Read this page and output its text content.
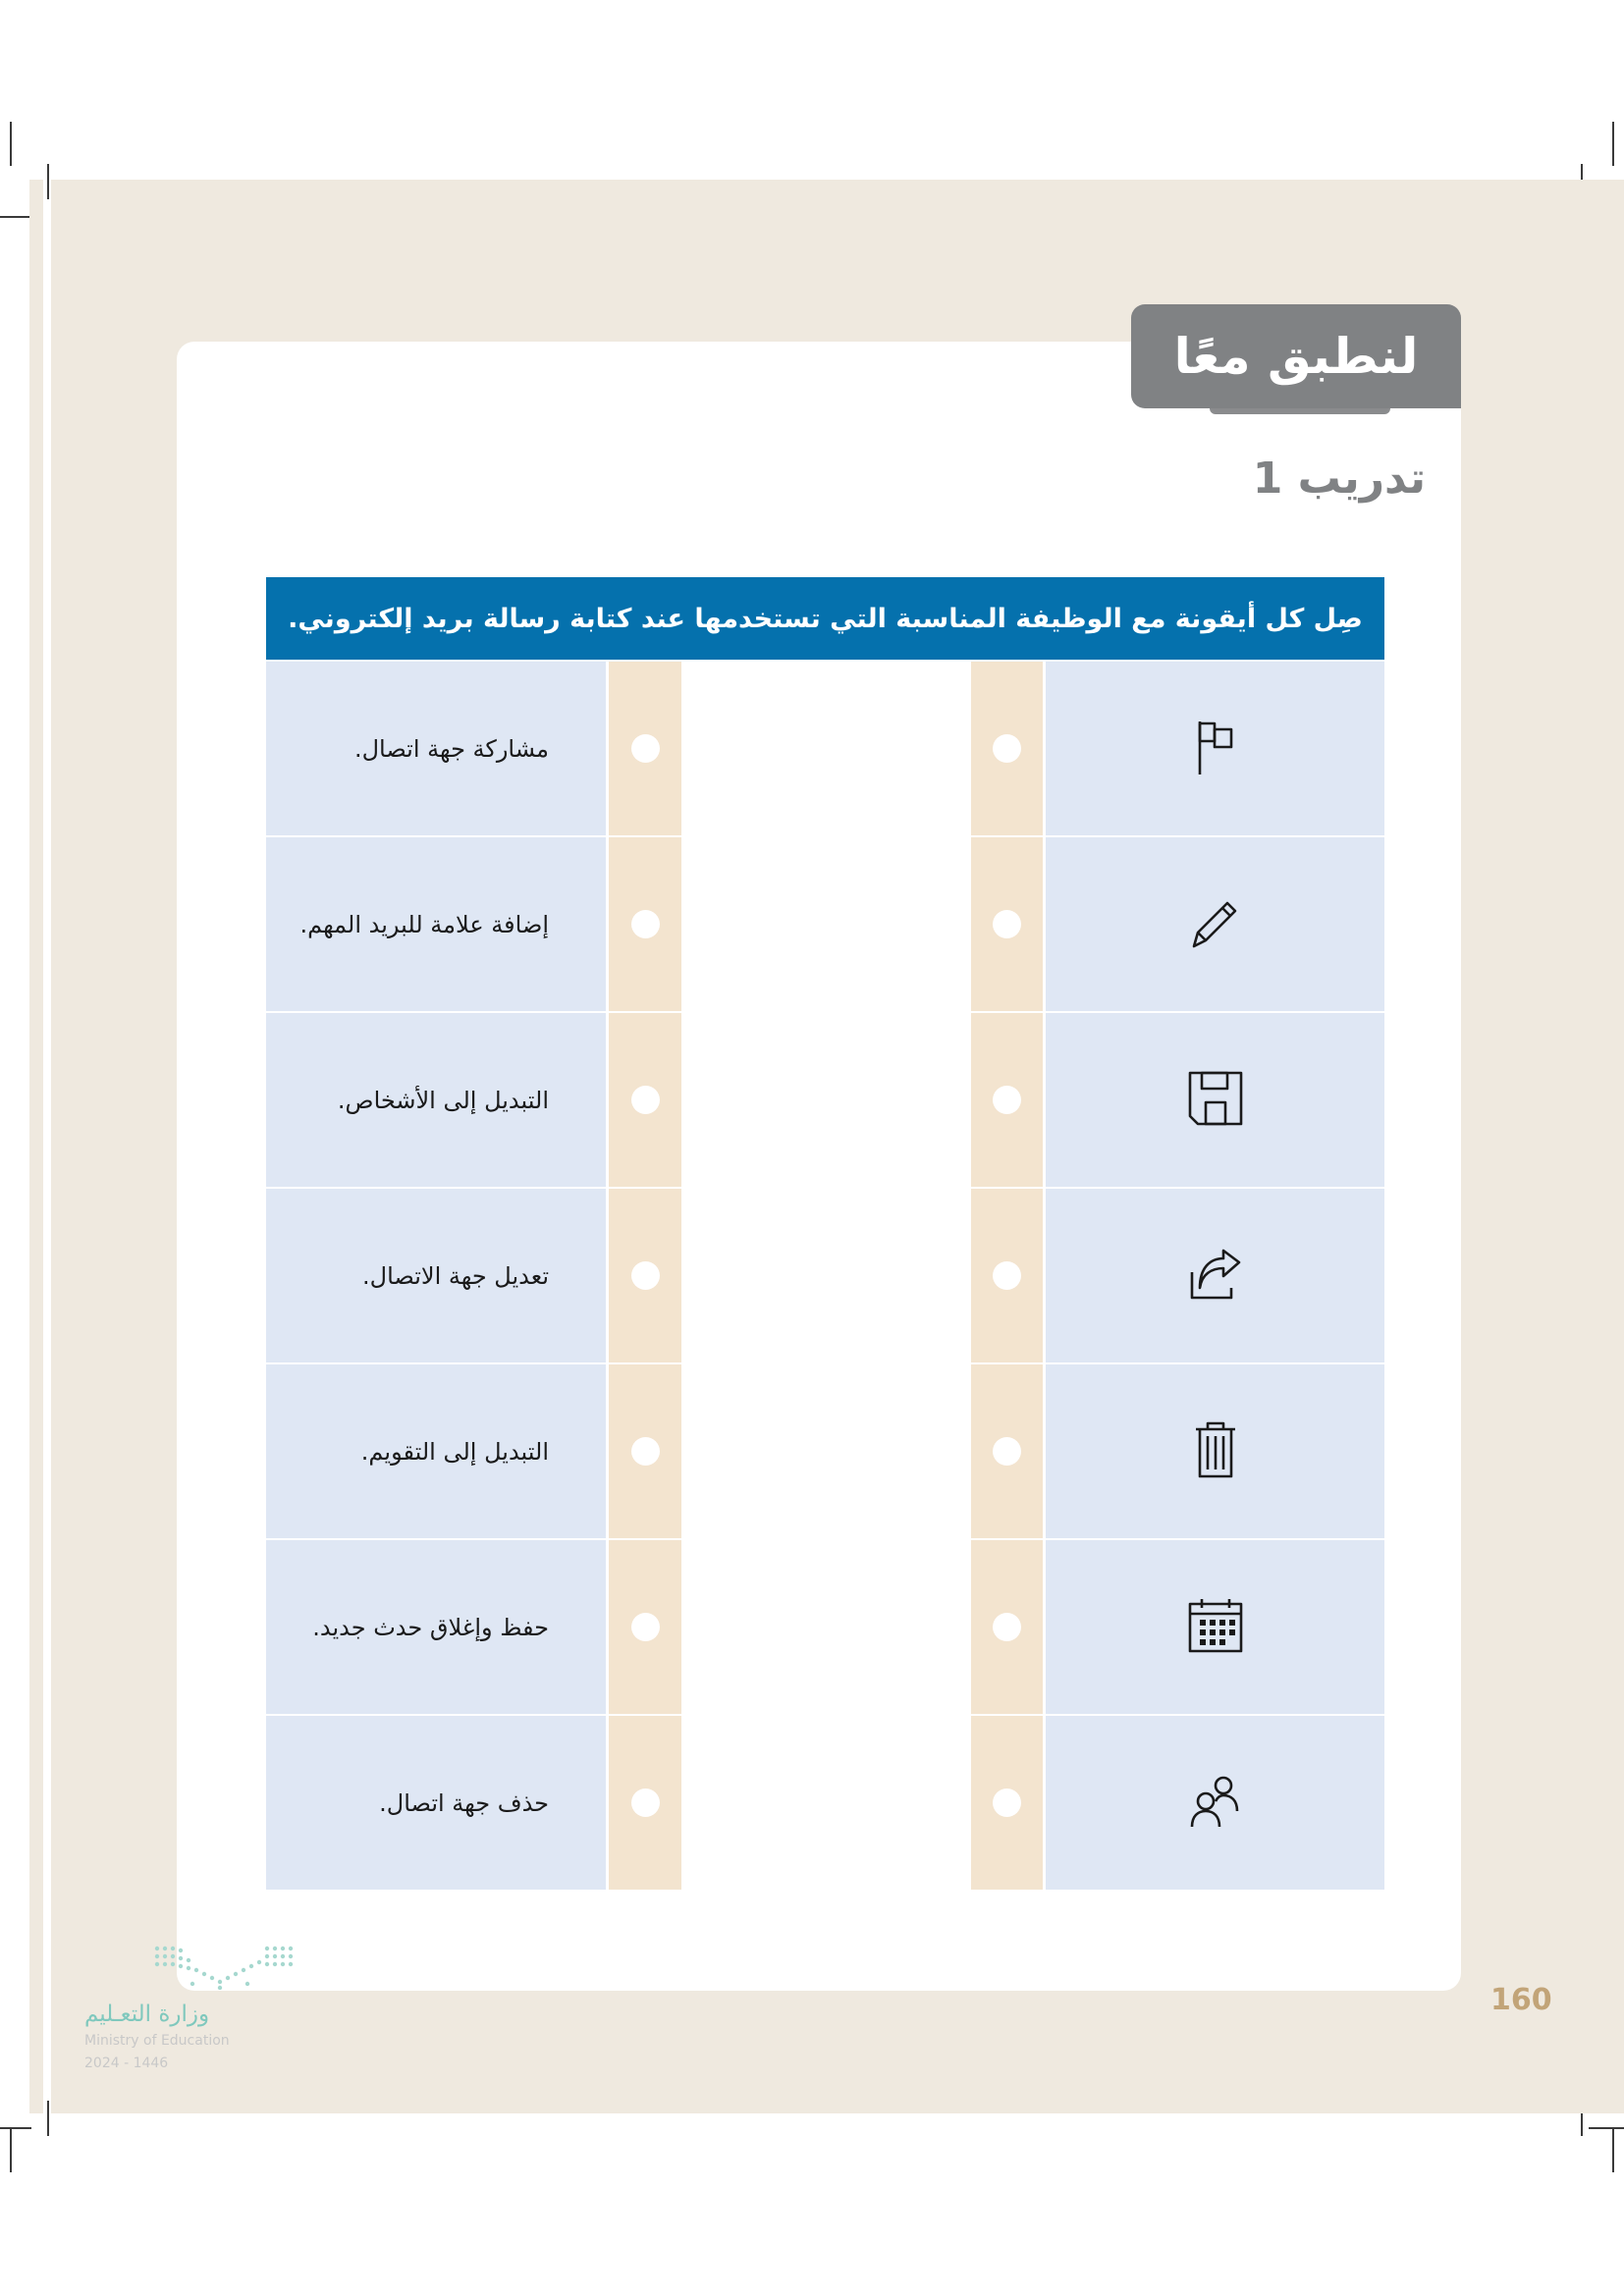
لنطبق معًا
تدريب 1
صِل كل أيقونة مع الوظيفة المناسبة التي تستخدمها عند كتابة رسالة بريد إلكتروني.
مشاركة جهة اتصال.
إضافة علامة للبريد المهم.
التبديل إلى الأشخاص.
تعديل جهة الاتصال.
التبديل إلى التقويم.
حفظ وإغلاق حدث جديد.
حذف جهة اتصال.
وزارة التعـليم
Ministry of Education
2024 - 1446
160
